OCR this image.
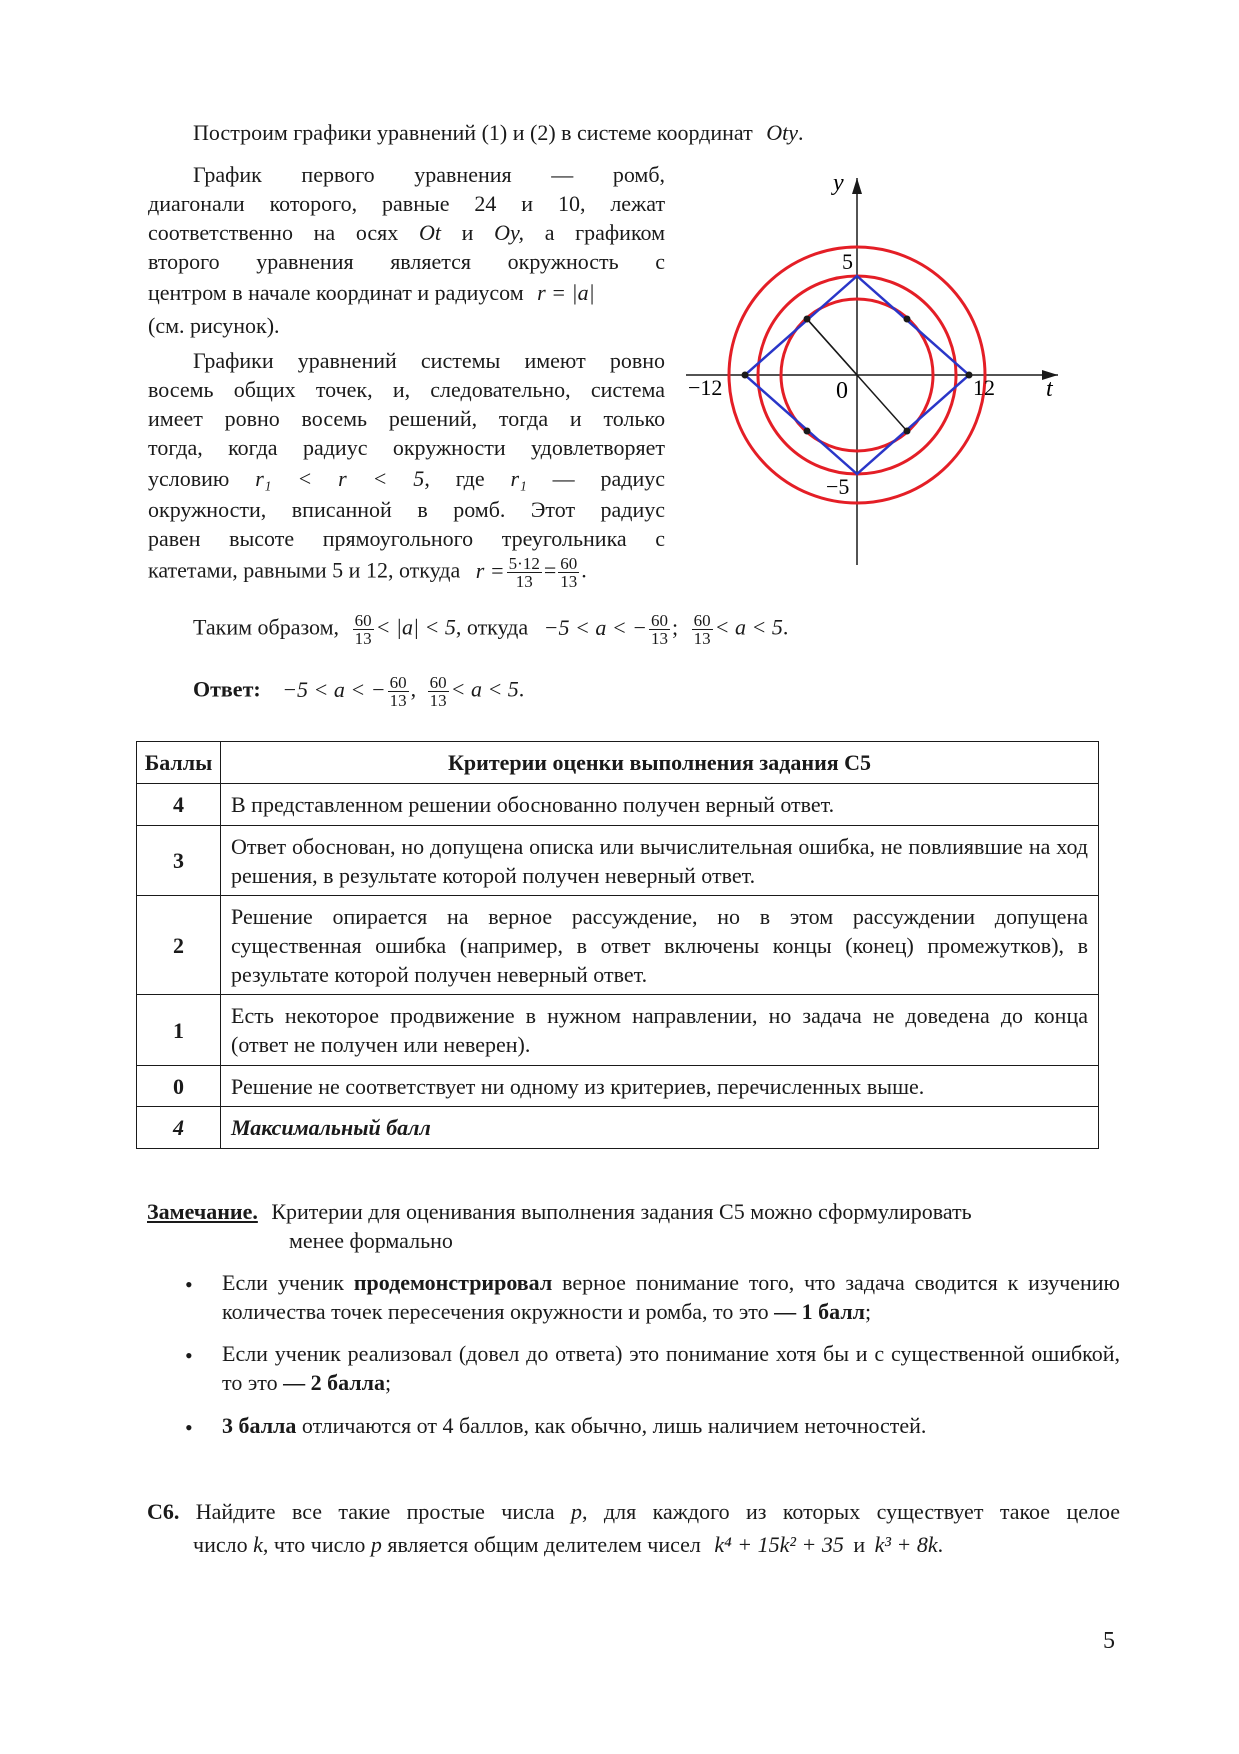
Построим графики уравнений (1) и (2) в системе координат Oty.
График первого уравнения — ромб,
диагонали которого, равные 24 и 10, лежат
соответственно на осях Ot и Oy, а графиком
второго уравнения является окружность с
центром в начале координат и радиусом r = |a|
(см. рисунок).
Графики уравнений системы имеют ровно
восемь общих точек, и, следовательно, система
имеет ровно восемь решений, тогда и только
тогда, когда радиус окружности удовлетворяет
условию r₁ < r < 5, где r₁ — радиус
окружности, вписанной в ромб. Этот радиус
равен высоте прямоугольного треугольника с
катетами, равными 5 и 12, откуда $r = \frac{5\cdot 12}{13} = \frac{60}{13}$ .
y
t
0
5
−5
12
−12
Таким образом, $\frac{60}{13} < |a| < 5$, откуда −5 < a < − $\frac{60}{13}$ ; $\frac{60}{13} < a < 5$.
Ответ: −5 < a < − $\frac{60}{13}$ , $\frac{60}{13} < a < 5$.
Баллы	Критерии оценки выполнения задания С5
4	В представленном решении обоснованно получен верный ответ.
3	Ответ обоснован, но допущена описка или вычислительная ошибка, не повлиявшие на ход решения, в результате которой получен неверный ответ.
2	Решение опирается на верное рассуждение, но в этом рассуждении допущена существенная ошибка (например, в ответ включены концы (конец) промежутков), в результате которой получен неверный ответ.
1	Есть некоторое продвижение в нужном направлении, но задача не доведена до конца (ответ не получен или неверен).
0	Решение не соответствует ни одному из критериев, перечисленных выше.
4	Максимальный балл
Замечание. Критерии для оценивания выполнения задания С5 можно сформулировать
менее формально
• Если ученик продемонстрировал верное понимание того, что задача сводится к изучению количества точек пересечения окружности и ромба, то это — 1 балл;
• Если ученик реализовал (довел до ответа) это понимание хотя бы и с существенной ошибкой, то это — 2 балла;
• 3 балла отличаются от 4 баллов, как обычно, лишь наличием неточностей.
С6. Найдите все такие простые числа p, для каждого из которых существует такое целое
число k, что число p является общим делителем чисел k⁴ + 15k² + 35 и k³ + 8k.
5
